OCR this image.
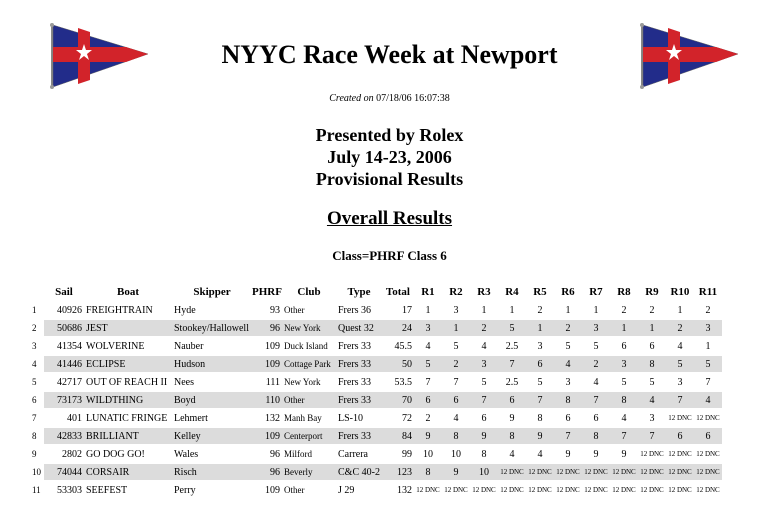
NYYC Race Week at Newport
Created on 07/18/06 16:07:38
Presented by Rolex
July 14-23, 2006
Provisional Results
Overall Results
Class=PHRF Class 6
	Sail	Boat	Skipper	PHRF	Club	Type	Total	R1	R2	R3	R4	R5	R6	R7	R8	R9	R10	R11
1	40926	FREIGHTRAIN	Hyde	93	Other	Frers 36	17	1	3	1	1	2	1	1	2	2	1	2
2	50686	JEST	Stookey/Hallowell	96	New York	Quest 32	24	3	1	2	5	1	2	3	1	1	2	3
3	41354	WOLVERINE	Nauber	109	Duck Island	Frers 33	45.5	4	5	4	2.5	3	5	5	6	6	4	1
4	41446	ECLIPSE	Hudson	109	Cottage Park	Frers 33	50	5	2	3	7	6	4	2	3	8	5	5
5	42717	OUT OF REACH II	Nees	111	New York	Frers 33	53.5	7	7	5	2.5	5	3	4	5	5	3	7
6	73173	WILDTHING	Boyd	110	Other	Frers 33	70	6	6	7	6	7	8	7	8	4	7	4
7	401	LUNATIC FRINGE	Lehmert	132	Manh Bay	LS-10	72	2	4	6	9	8	6	6	4	3	12 DNC	12 DNC
8	42833	BRILLIANT	Kelley	109	Centerport	Frers 33	84	9	8	9	8	9	7	8	7	7	6	6
9	2802	GO DOG GO!	Wales	96	Milford	Carrera	99	10	10	8	4	4	9	9	9	12 DNC	12 DNC	12 DNC
10	74044	CORSAIR	Risch	96	Beverly	C&C 40-2	123	8	9	10	12 DNC	12 DNC	12 DNC	12 DNC	12 DNC	12 DNC	12 DNC	12 DNC
11	53303	SEEFEST	Perry	109	Other	J 29	132	12 DNC	12 DNC	12 DNC	12 DNC	12 DNC	12 DNC	12 DNC	12 DNC	12 DNC	12 DNC	12 DNC
